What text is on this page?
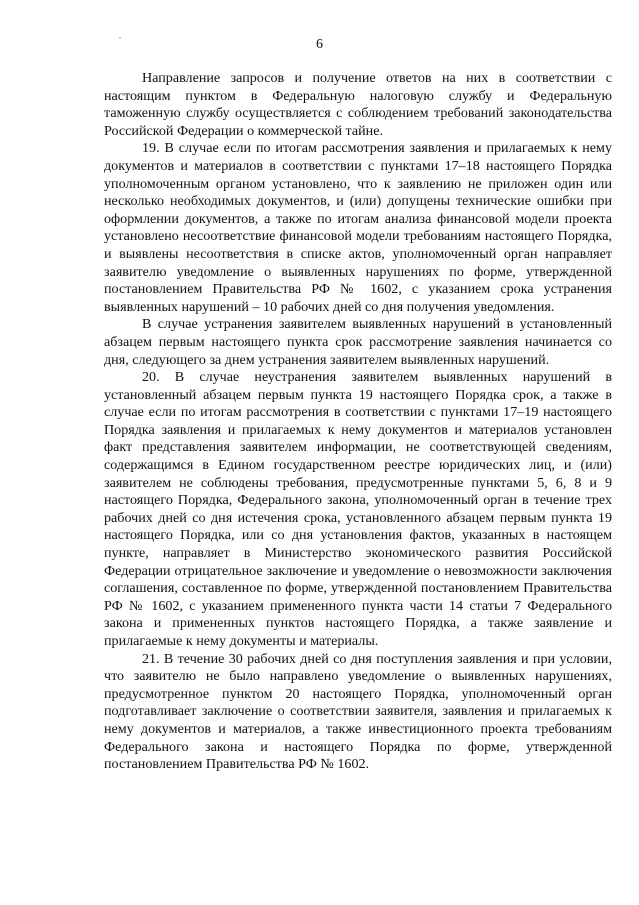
6

Направление запросов и получение ответов на них в соответствии с настоящим пунктом в Федеральную налоговую службу и Федеральную таможенную службу осуществляется с соблюдением требований законодательства Российской Федерации о коммерческой тайне.

19. В случае если по итогам рассмотрения заявления и прилагаемых к нему документов и материалов в соответствии с пунктами 17–18 настоящего Порядка уполномоченным органом установлено, что к заявлению не приложен один или несколько необходимых документов, и (или) допущены технические ошибки при оформлении документов, а также по итогам анализа финансовой модели проекта установлено несоответствие финансовой модели требованиям настоящего Порядка, и выявлены несоответствия в списке актов, уполномоченный орган направляет заявителю уведомление о выявленных нарушениях по форме, утвержденной постановлением Правительства РФ № 1602, с указанием срока устранения выявленных нарушений – 10 рабочих дней со дня получения уведомления.

В случае устранения заявителем выявленных нарушений в установленный абзацем первым настоящего пункта срок рассмотрение заявления начинается со дня, следующего за днем устранения заявителем выявленных нарушений.

20. В случае неустранения заявителем выявленных нарушений в установленный абзацем первым пункта 19 настоящего Порядка срок, а также в случае если по итогам рассмотрения в соответствии с пунктами 17–19 настоящего Порядка заявления и прилагаемых к нему документов и материалов установлен факт представления заявителем информации, не соответствующей сведениям, содержащимся в Едином государственном реестре юридических лиц, и (или) заявителем не соблюдены требования, предусмотренные пунктами 5, 6, 8 и 9 настоящего Порядка, Федерального закона, уполномоченный орган в течение трех рабочих дней со дня истечения срока, установленного абзацем первым пункта 19 настоящего Порядка, или со дня установления фактов, указанных в настоящем пункте, направляет в Министерство экономического развития Российской Федерации отрицательное заключение и уведомление о невозможности заключения соглашения, составленное по форме, утвержденной постановлением Правительства РФ № 1602, с указанием примененного пункта части 14 статьи 7 Федерального закона и примененных пунктов настоящего Порядка, а также заявление и прилагаемые к нему документы и материалы.

21. В течение 30 рабочих дней со дня поступления заявления и при условии, что заявителю не было направлено уведомление о выявленных нарушениях, предусмотренное пунктом 20 настоящего Порядка, уполномоченный орган подготавливает заключение о соответствии заявителя, заявления и прилагаемых к нему документов и материалов, а также инвестиционного проекта требованиям Федерального закона и настоящего Порядка по форме, утвержденной постановлением Правительства РФ № 1602.
